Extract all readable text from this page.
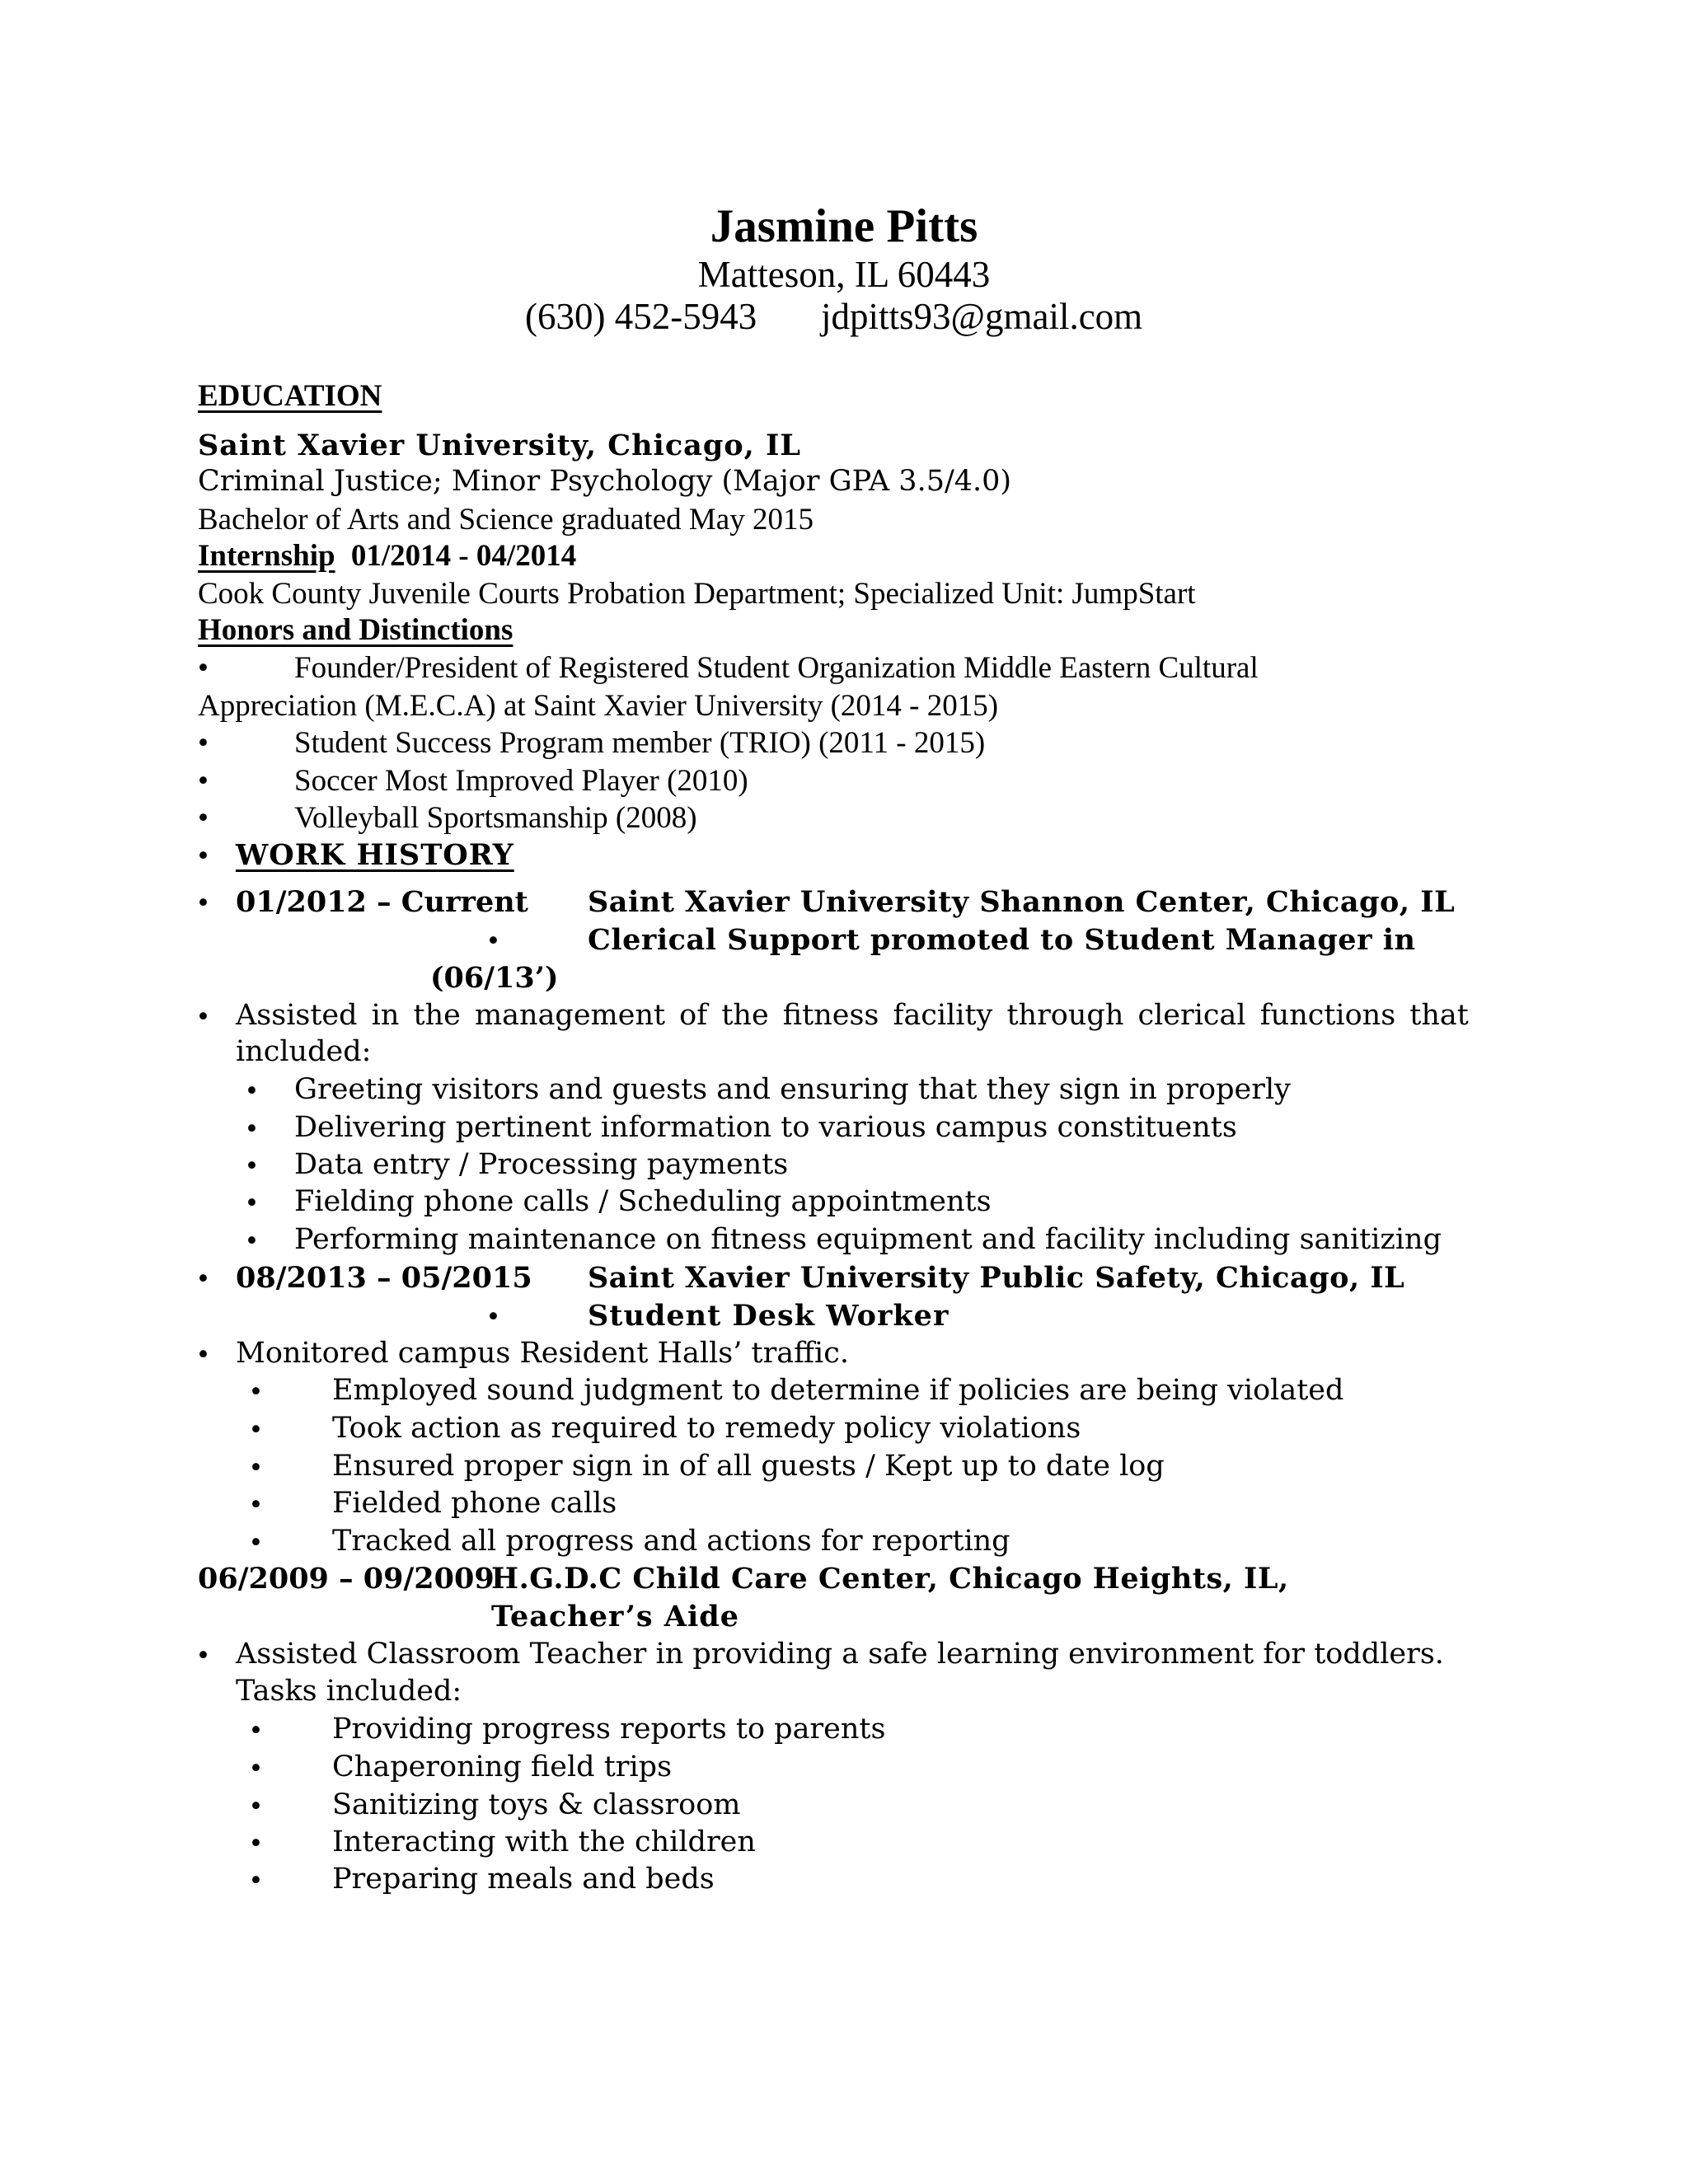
Jasmine Pitts
Matteson, IL 60443
(630) 452-5943 jdpitts93@gmail.com
EDUCATION
Saint Xavier University, Chicago, IL
Criminal Justice; Minor Psychology (Major GPA 3.5/4.0)
Bachelor of Arts and Science graduated May 2015
Internship 01/2014 - 04/2014
Cook County Juvenile Courts Probation Department; Specialized Unit: JumpStart
Honors and Distinctions
•	Founder/President of Registered Student Organization Middle Eastern Cultural
Appreciation (M.E.C.A) at Saint Xavier University (2014 - 2015)
•	Student Success Program member (TRIO) (2011 - 2015)
•	Soccer Most Improved Player (2010)
•	Volleyball Sportsmanship (2008)
• WORK HISTORY
• 01/2012 – Current Saint Xavier University Shannon Center, Chicago, IL
•	Clerical Support promoted to Student Manager in
(06/13’)
• Assisted in the management of the fitness facility through clerical functions that
included:
• Greeting visitors and guests and ensuring that they sign in properly
• Delivering pertinent information to various campus constituents
• Data entry / Processing payments
• Fielding phone calls / Scheduling appointments
• Performing maintenance on fitness equipment and facility including sanitizing
• 08/2013 – 05/2015 Saint Xavier University Public Safety, Chicago, IL
•	Student Desk Worker
• Monitored campus Resident Halls’ traffic.
• Employed sound judgment to determine if policies are being violated
• Took action as required to remedy policy violations
• Ensured proper sign in of all guests / Kept up to date log
• Fielded phone calls
• Tracked all progress and actions for reporting
06/2009 – 09/2009
H.G.D.C Child Care Center, Chicago Heights, IL,
Teacher’s Aide
• Assisted Classroom Teacher in providing a safe learning environment for toddlers.
Tasks included:
• Providing progress reports to parents
• Chaperoning field trips
• Sanitizing toys & classroom
• Interacting with the children
• Preparing meals and beds
